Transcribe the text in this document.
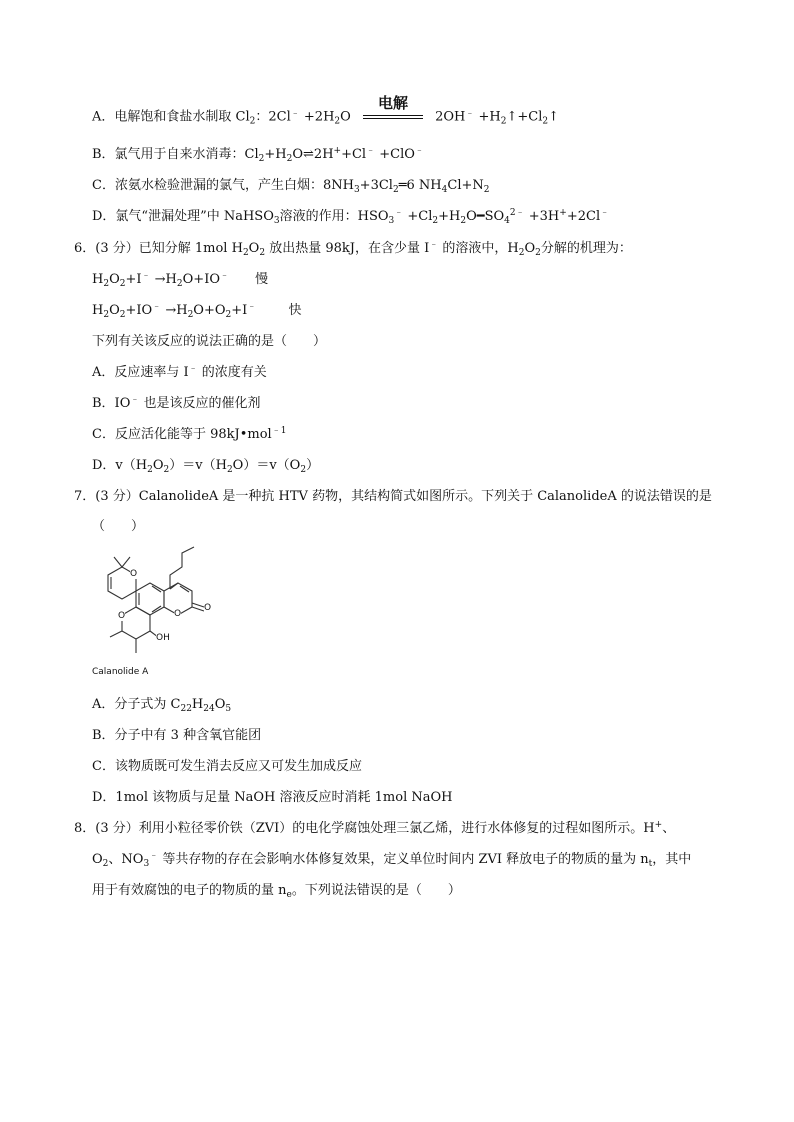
A．电解饱和食盐水制取 $Cl_2$：$2Cl^﹣ +2H_2O$
电解
$2OH^﹣ +H_2↑+Cl_2↑$
B．氯气用于自来水消毒：$Cl_2+H_2O\rightleftharpoons 2H^++Cl^﹣ +ClO^﹣$
C．浓氨水检验泄漏的氯气，产生白烟：$8NH_3+3Cl_2═6$ $NH_4Cl+N_2$
D．氯气“泄漏处理”中 NaHSO$_3$溶液的作用：$HSO_3^﹣$ $+Cl_2+H_2O━SO_4^{2﹣} +3H^++2Cl^﹣$
6．(3 分）已知分解 1mol $H_2O_2$ 放出热量 98kJ，在含少量 I﹣ 的溶液中，$H_2O_2$分解的机理为：
$H_2O_2+I^﹣ \to H_2O+IO^﹣$ 慢
$H_2O_2+IO^﹣ \to H_2O+O_2+I^﹣$ 快
下列有关该反应的说法正确的是（　　）
A．反应速率与 I﹣ 的浓度有关
B．IO﹣ 也是该反应的催化剂
C．反应活化能等于 98kJ•mol$^{﹣1}$
D．$v(H_2O_2)=v(H_2O)=v(O_2)$
7．(3 分）CalanolideA 是一种抗 HTV 药物，其结构简式如图所示。下列关于 CalanolideA 的说法错误的是
（　　）
O
O
O
O
OH
Calanolide A
A．分子式为 $C_{22}H_{24}O_5$
B．分子中有 3 种含氧官能团
C．该物质既可发生消去反应又可发生加成反应
D．1mol 该物质与足量 NaOH 溶液反应时消耗 1mol NaOH
8．(3 分）利用小粒径零价铁（ZVI）的电化学腐蚀处理三氯乙烯，进行水体修复的过程如图所示。H+、
$O_2$、$NO_3^﹣$ 等共存物的存在会影响水体修复效果，定义单位时间内 ZVI 释放电子的物质的量为 $n_t$，其中
用于有效腐蚀的电子的物质的量 $n_e$。下列说法错误的是（　　）
